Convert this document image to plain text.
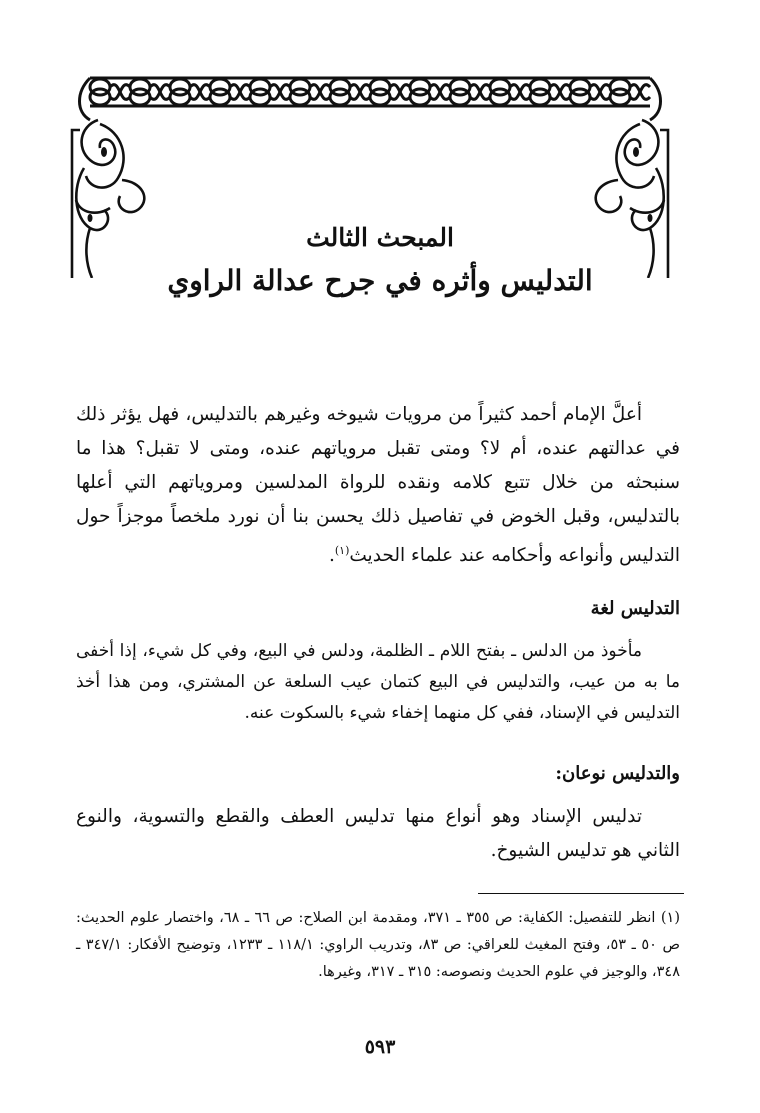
المبحث الثالث

التدليس وأثره في جرح عدالة الراوي

أعلَّ الإمام أحمد كثيراً من مرويات شيوخه وغيرهم بالتدليس، فهل يؤثر ذلك في عدالتهم عنده، أم لا؟ ومتى تقبل مروياتهم عنده، ومتى لا تقبل؟ هذا ما سنبحثه من خلال تتبع كلامه ونقده للرواة المدلسين ومروياتهم التي أعلها بالتدليس، وقبل الخوض في تفاصيل ذلك يحسن بنا أن نورد ملخصاً موجزاً حول التدليس وأنواعه وأحكامه عند علماء الحديث$^{(١)}$.

التدليس لغة

مأخوذ من الدلس ـ بفتح اللام ـ الظلمة، ودلس في البيع، وفي كل شيء، إذا أخفى ما به من عيب، والتدليس في البيع كتمان عيب السلعة عن المشتري، ومن هذا أخذ التدليس في الإسناد، ففي كل منهما إخفاء شيء بالسكوت عنه.

والتدليس نوعان:

تدليس الإسناد وهو أنواع منها تدليس العطف والقطع والتسوية، والنوع الثاني هو تدليس الشيوخ.

(١) انظر للتفصيل: الكفاية: ص ٣٥٥ ـ ٣٧١، ومقدمة ابن الصلاح: ص ٦٦ ـ ٦٨، واختصار علوم الحديث: ص ٥٠ ـ ٥٣، وفتح المغيث للعراقي: ص ٨٣، وتدريب الراوي: ١١٨/١ ـ ١٢٣٣، وتوضيح الأفكار: ٣٤٧/١ ـ ٣٤٨، والوجيز في علوم الحديث ونصوصه: ٣١٥ ـ ٣١٧، وغيرها.

٥٩٣
